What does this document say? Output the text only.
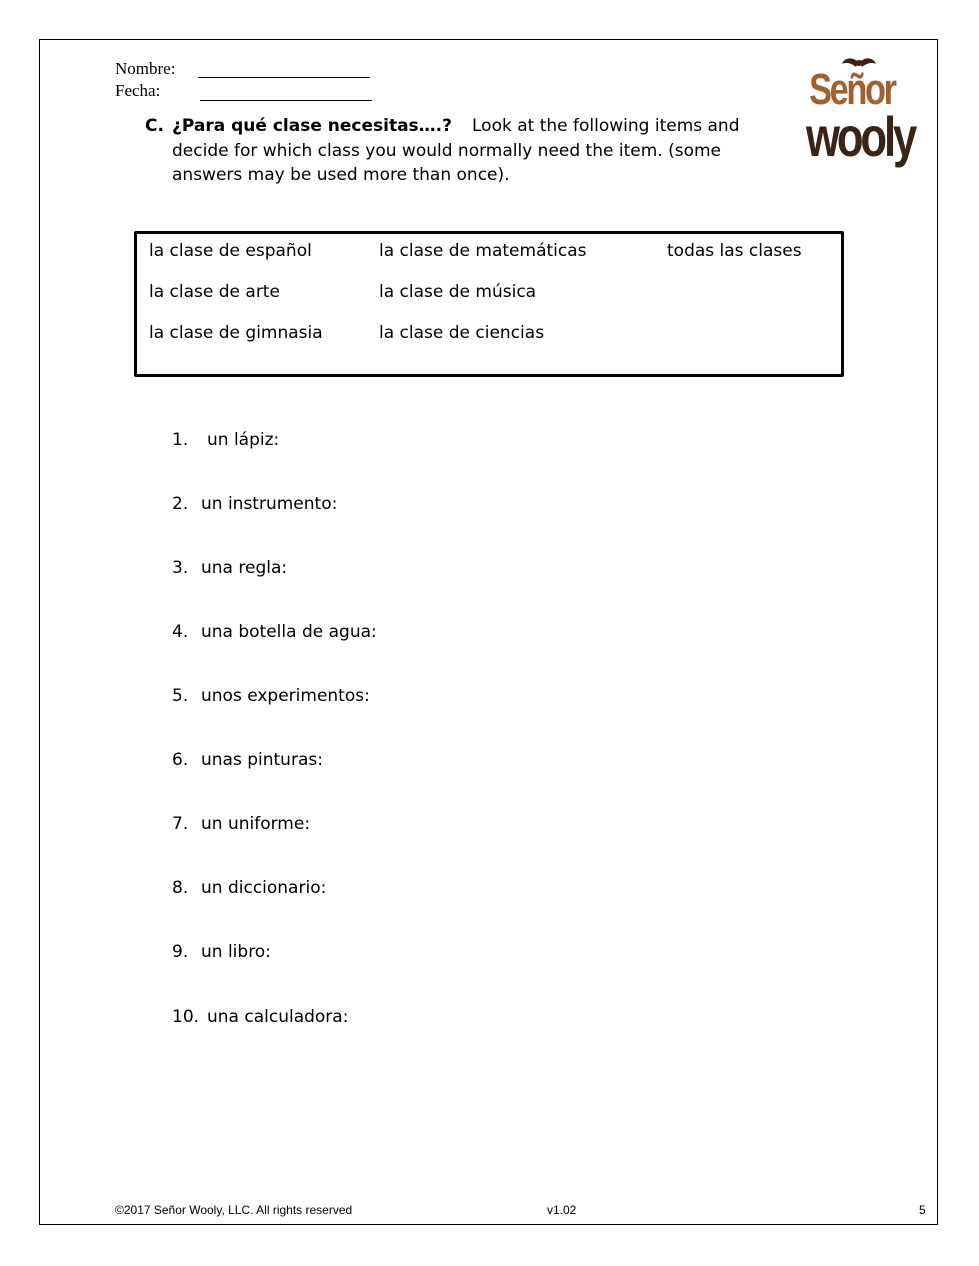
Nombre:
Fecha:	Señor
wooly
C. ¿Para qué clase necesitas….? Look at the following items and decide for which class you would normally need the item. (some answers may be used more than once).
la clase de español	la clase de matemáticas	todas las clases
la clase de arte	la clase de música
la clase de gimnasia	la clase de ciencias
1. un lápiz:
2. un instrumento:
3. una regla:
4. una botella de agua:
5. unos experimentos:
6. unas pinturas:
7. un uniforme:
8. un diccionario:
9. un libro:
10. una calculadora:
©2017 Señor Wooly, LLC. All rights reserved	v1.02	5
